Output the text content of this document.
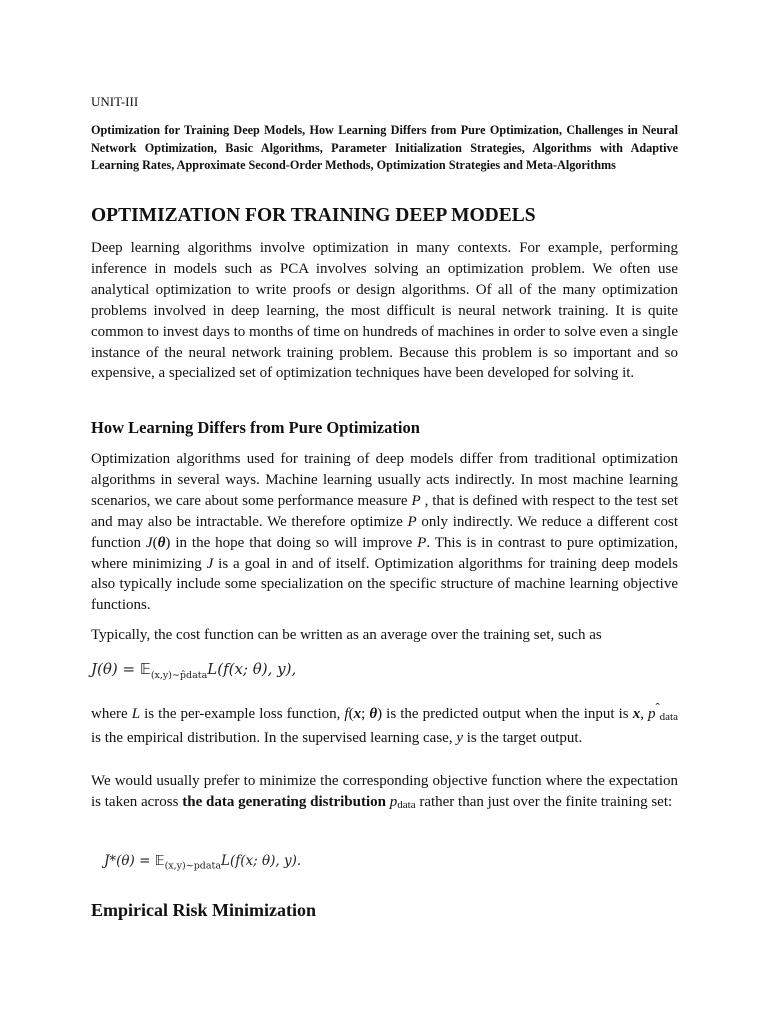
UNIT-III
Optimization for Training Deep Models, How Learning Differs from Pure Optimization, Challenges in Neural Network Optimization, Basic Algorithms, Parameter Initialization Strategies, Algorithms with Adaptive Learning Rates, Approximate Second-Order Methods, Optimization Strategies and Meta-Algorithms
OPTIMIZATION FOR TRAINING DEEP MODELS

Deep learning algorithms involve optimization in many contexts. For example, performing inference in models such as PCA involves solving an optimization problem. We often use analytical optimization to write proofs or design algorithms. Of all of the many optimization problems involved in deep learning, the most difficult is neural network training. It is quite common to invest days to months of time on hundreds of machines in order to solve even a single instance of the neural network training problem. Because this problem is so important and so expensive, a specialized set of optimization techniques have been developed for solving it.

How Learning Differs from Pure Optimization

Optimization algorithms used for training of deep models differ from traditional optimization algorithms in several ways. Machine learning usually acts indirectly. In most machine learning scenarios, we care about some performance measure P , that is defined with respect to the test set and may also be intractable. We therefore optimize P only indirectly. We reduce a different cost function J(θ) in the hope that doing so will improve P. This is in contrast to pure optimization, where minimizing J is a goal in and of itself. Optimization algorithms for training deep models also typically include some specialization on the specific structure of machine learning objective functions.

Typically, the cost function can be written as an average over the training set, such as

J(θ) = 𝔼$_{(x,y)\sim p̂data}$L(f(x; θ), y),

where L is the per-example loss function, f(x; θ) is the predicted output when the input is x, $p^ˆdata$ is the empirical distribution. In the supervised learning case, y is the target output.

We would usually prefer to minimize the corresponding objective function where the expectation is taken across the data generating distribution pdata rather than just over the finite training set:

J*(θ) = 𝔼$_{(x,y)\sim pdata}$L(f(x; θ), y).
Empirical Risk Minimization
